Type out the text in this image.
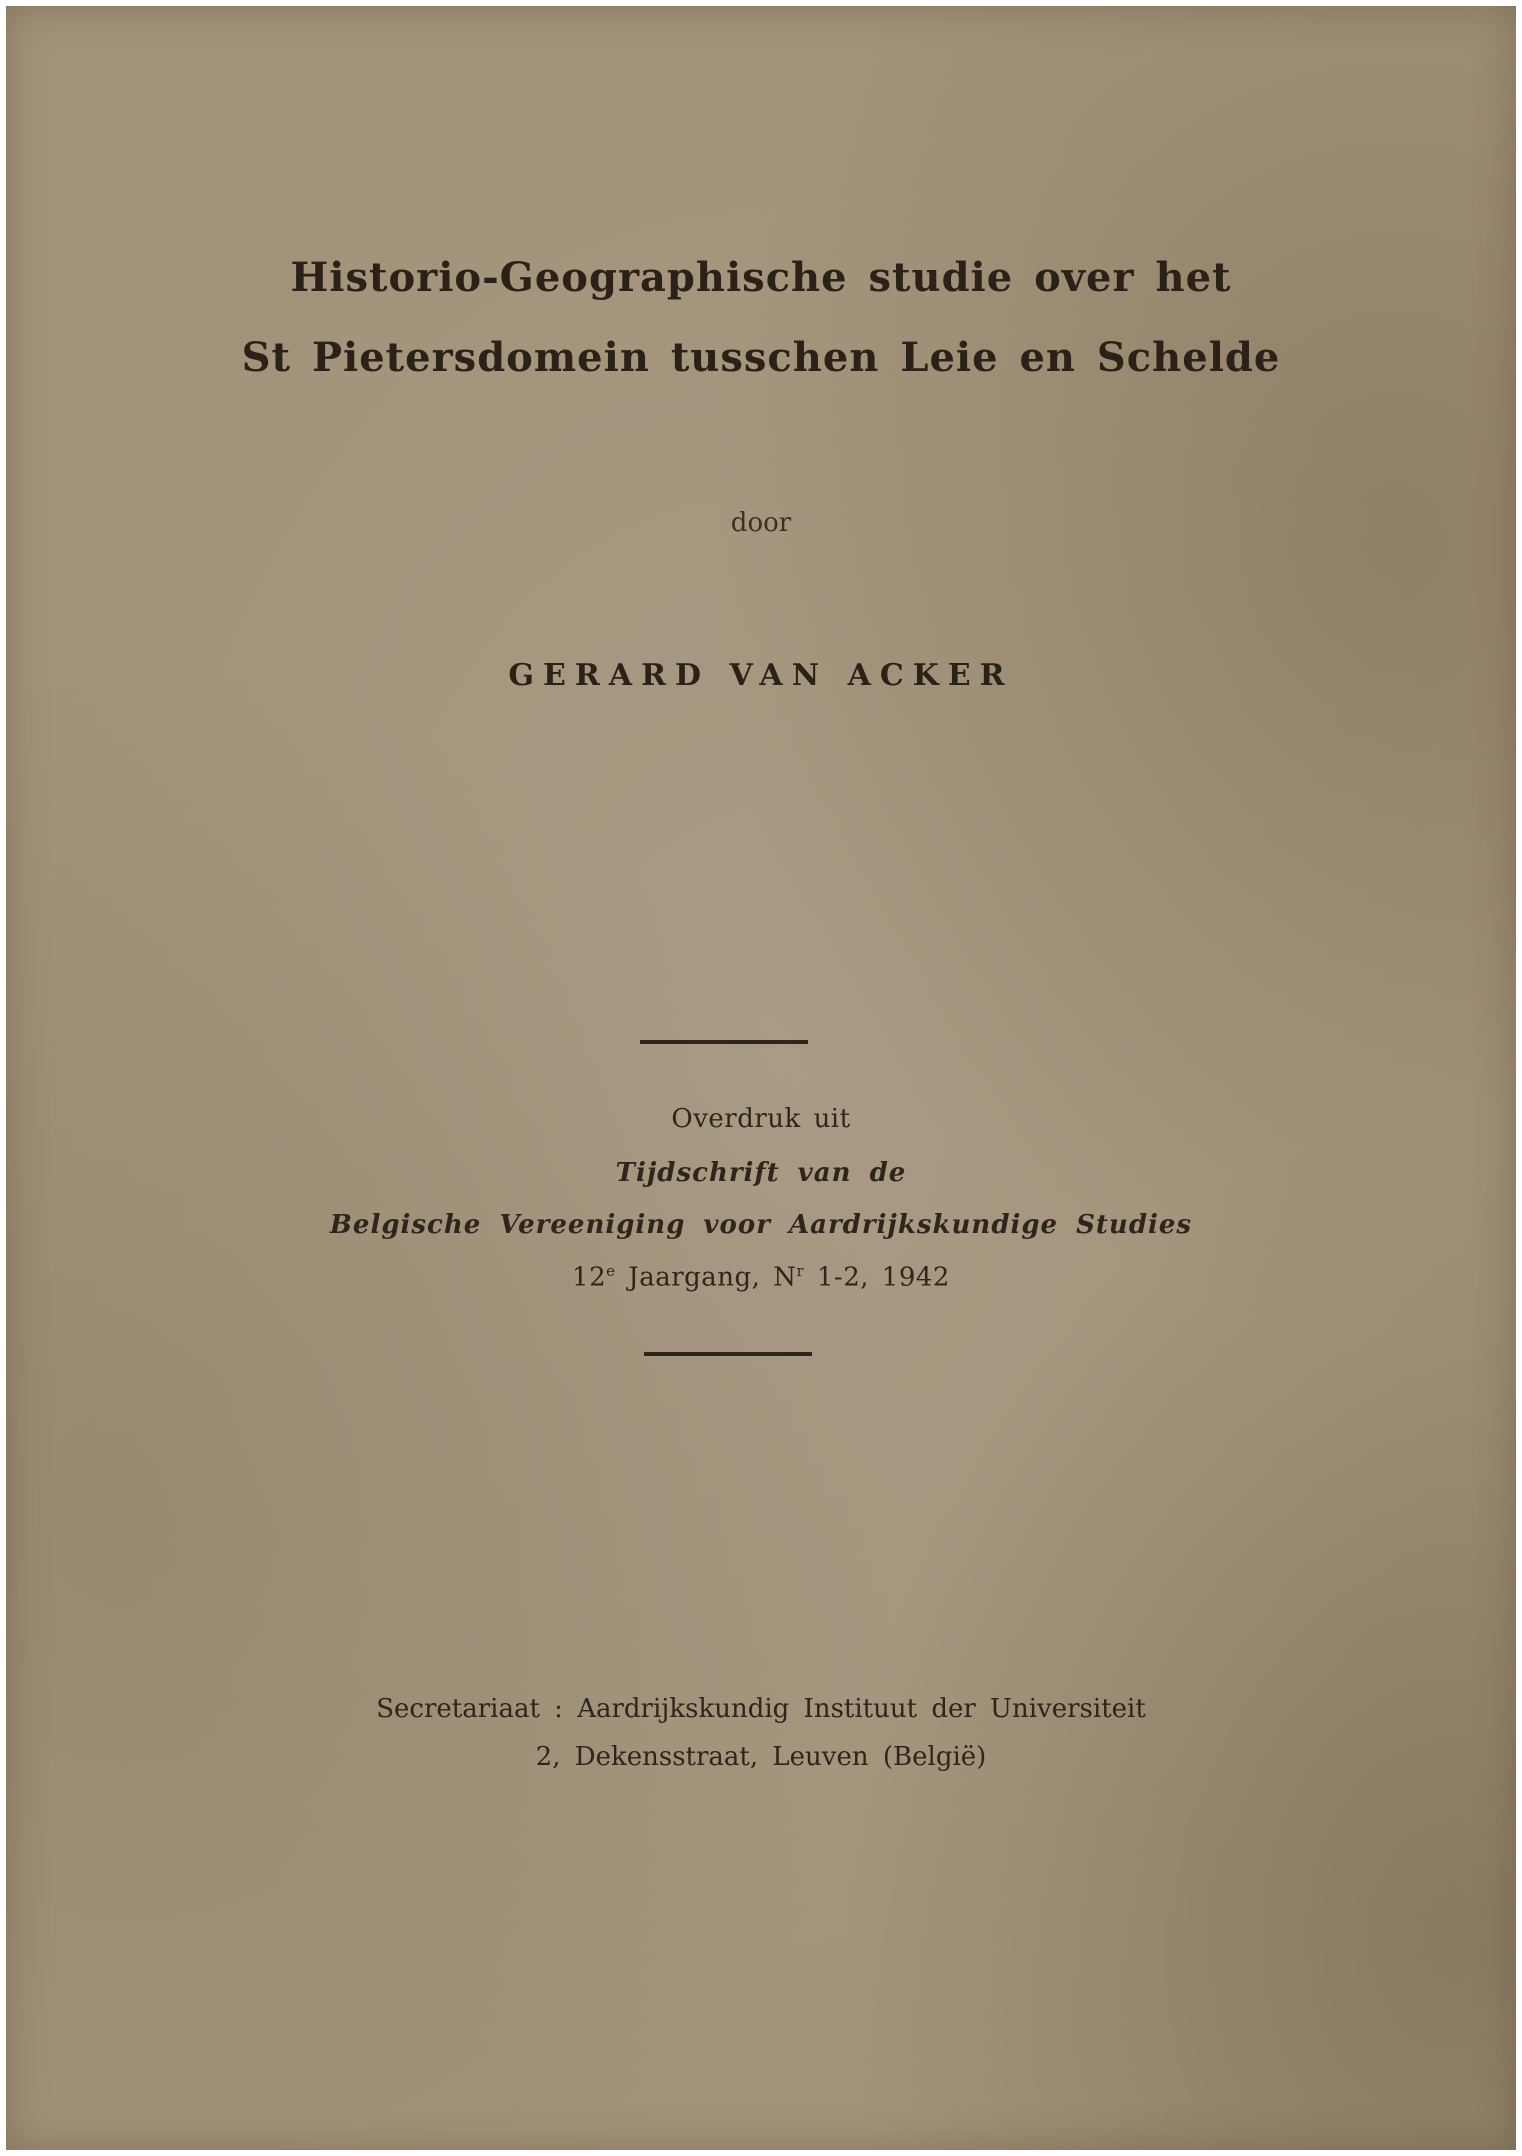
Historio-Geographische studie over het
St Pietersdomein tusschen Leie en Schelde
door
GERARD VAN ACKER
Overdruk uit
Tijdschrift van de
Belgische Vereeniging voor Aardrijkskundige Studies
12e Jaargang, $N^r$ 1-2, 1942
Secretariaat : Aardrijkskundig Instituut der Universiteit
2, Dekensstraat, Leuven (België)
